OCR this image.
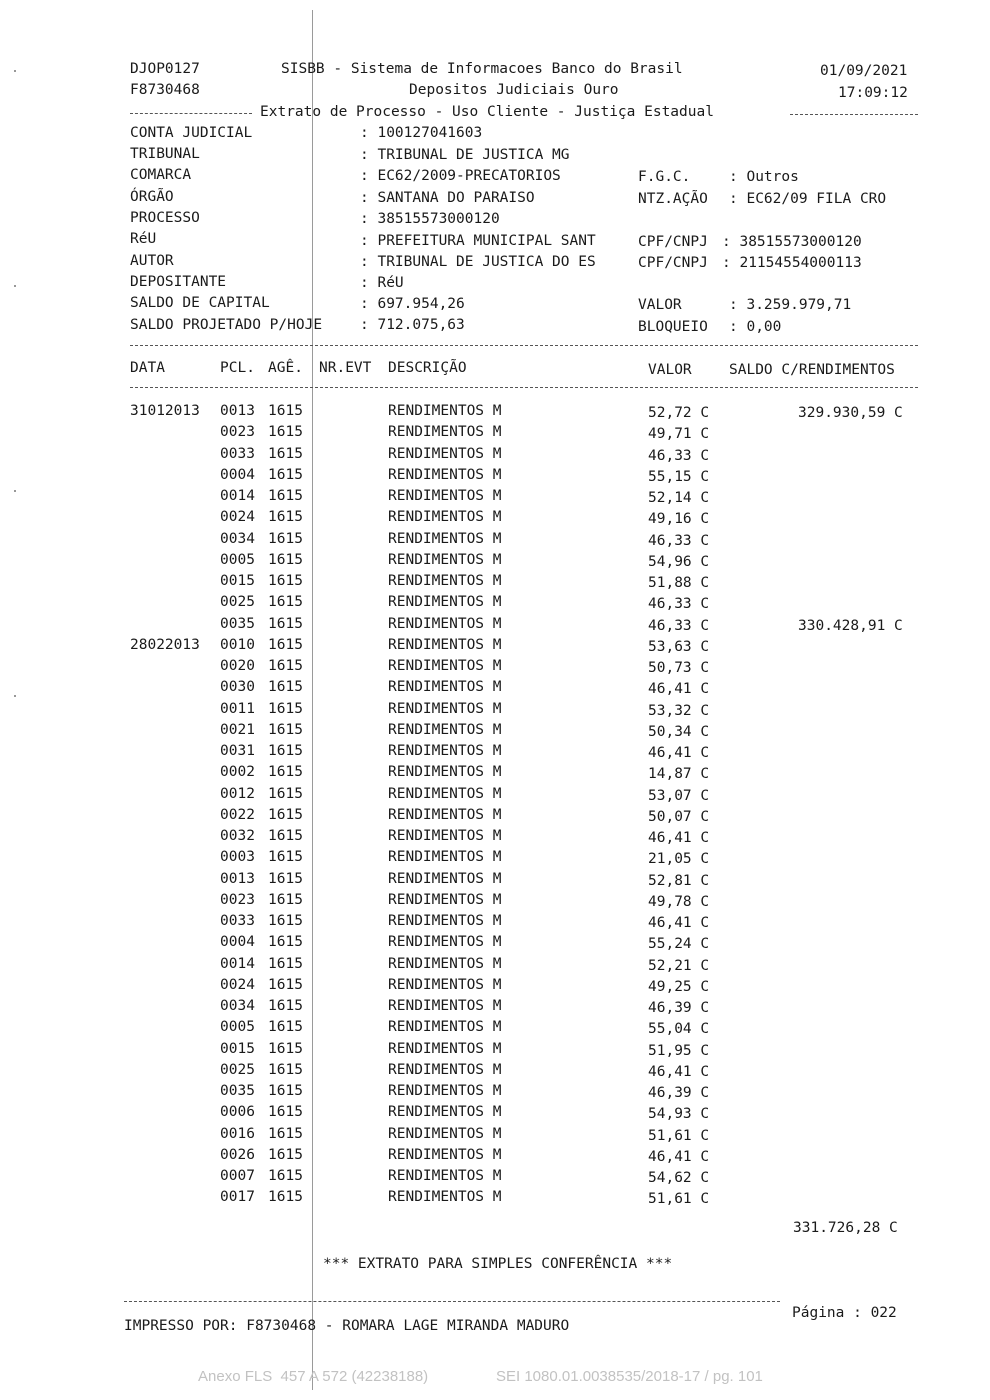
DJOP0127	SISBB - Sistema de Informacoes Banco do Brasil	01/09/2021
F8730468	Depositos Judiciais Ouro	17:09:12
Extrato de Processo - Uso Cliente - Justiça Estadual
CONTA JUDICIAL	: 100127041603
TRIBUNAL	: TRIBUNAL DE JUSTICA MG
COMARCA	: EC62/2009-PRECATORIOS	F.G.C.	: Outros
ÓRGÃO	: SANTANA DO PARAISO	NTZ.AÇÃO : EC62/09 FILA CRO
PROCESSO	: 38515573000120
RéU	: PREFEITURA MUNICIPAL SANT	CPF/CNPJ : 38515573000120
AUTOR	: TRIBUNAL DE JUSTICA DO ES	CPF/CNPJ : 21154554000113
DEPOSITANTE	: RéU
SALDO DE CAPITAL	: 697.954,26	VALOR	: 3.259.979,71
SALDO PROJETADO P/HOJE	: 712.075,63	BLOQUEIO : 0,00
DATA	PCL. AGÊ. NR.EVT DESCRIÇÃO	VALOR	SALDO C/RENDIMENTOS
31012013 0013 1615	RENDIMENTOS M	52,72 C	329.930,59 C
0023 1615	RENDIMENTOS M	49,71 C
0033 1615	RENDIMENTOS M	46,33 C
0004 1615	RENDIMENTOS M	55,15 C
0014 1615	RENDIMENTOS M	52,14 C
0024 1615	RENDIMENTOS M	49,16 C
0034 1615	RENDIMENTOS M	46,33 C
0005 1615	RENDIMENTOS M	54,96 C
0015 1615	RENDIMENTOS M	51,88 C
0025 1615	RENDIMENTOS M	46,33 C
0035 1615	RENDIMENTOS M	46,33 C	330.428,91 C
28022013 0010 1615	RENDIMENTOS M	53,63 C
0020 1615	RENDIMENTOS M	50,73 C
0030 1615	RENDIMENTOS M	46,41 C
0011 1615	RENDIMENTOS M	53,32 C
0021 1615	RENDIMENTOS M	50,34 C
0031 1615	RENDIMENTOS M	46,41 C
0002 1615	RENDIMENTOS M	14,87 C
0012 1615	RENDIMENTOS M	53,07 C
0022 1615	RENDIMENTOS M	50,07 C
0032 1615	RENDIMENTOS M	46,41 C
0003 1615	RENDIMENTOS M	21,05 C
0013 1615	RENDIMENTOS M	52,81 C
0023 1615	RENDIMENTOS M	49,78 C
0033 1615	RENDIMENTOS M	46,41 C
0004 1615	RENDIMENTOS M	55,24 C
0014 1615	RENDIMENTOS M	52,21 C
0024 1615	RENDIMENTOS M	49,25 C
0034 1615	RENDIMENTOS M	46,39 C
0005 1615	RENDIMENTOS M	55,04 C
0015 1615	RENDIMENTOS M	51,95 C
0025 1615	RENDIMENTOS M	46,41 C
0035 1615	RENDIMENTOS M	46,39 C
0006 1615	RENDIMENTOS M	54,93 C
0016 1615	RENDIMENTOS M	51,61 C
0026 1615	RENDIMENTOS M	46,41 C
0007 1615	RENDIMENTOS M	54,62 C
0017 1615	RENDIMENTOS M	51,61 C
331.726,28 C
*** EXTRATO PARA SIMPLES CONFERÊNCIA ***
Página : 022
IMPRESSO POR: F8730468 - ROMARA LAGE MIRANDA MADURO
Anexo FLS  457 A 572 (42238188)	SEI 1080.01.0038535/2018-17 / pg. 101
